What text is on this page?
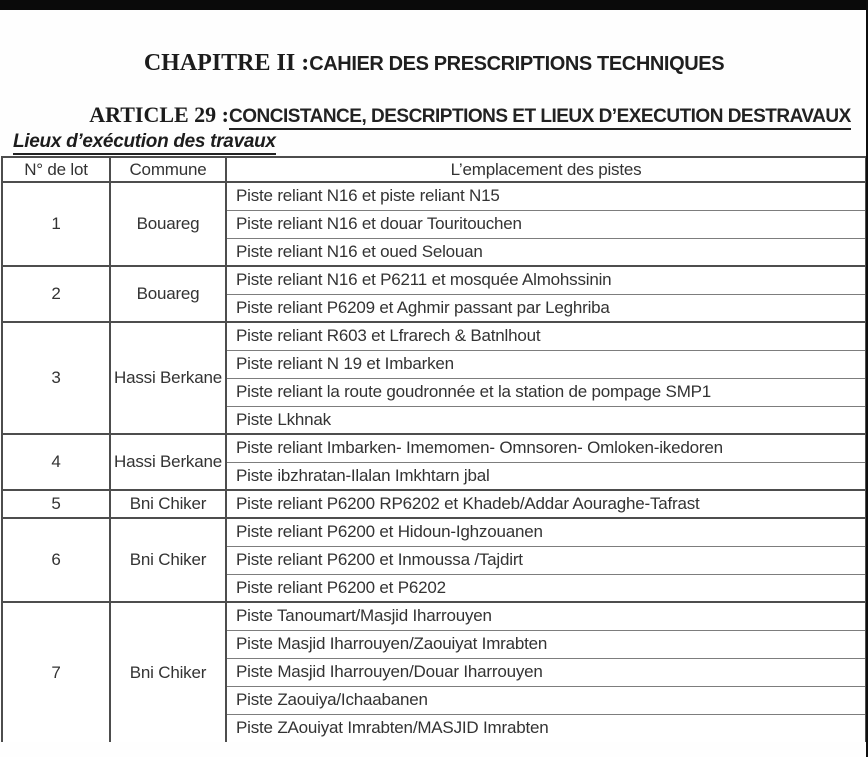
CHAPITRE II :CAHIER DES PRESCRIPTIONS TECHNIQUES
ARTICLE 29 :CONCISTANCE, DESCRIPTIONS ET LIEUX D’EXECUTION DESTRAVAUX
Lieux d’exécution des travaux
N° de lot	Commune	L’emplacement des pistes
1	Bouareg	Piste reliant N16 et piste reliant N15
		Piste reliant N16 et douar Touritouchen
		Piste reliant N16 et oued Selouan
2	Bouareg	Piste reliant N16 et P6211 et mosquée Almohssinin
		Piste reliant P6209 et Aghmir passant par Leghriba
3	Hassi Berkane	Piste reliant R603 et Lfrarech & Batnlhout
		Piste reliant N 19 et Imbarken
		Piste reliant la route goudronnée et la station de pompage SMP1
		Piste Lkhnak
4	Hassi Berkane	Piste reliant Imbarken- Imemomen- Omnsoren- Omloken-ikedoren
		Piste ibzhratan-Ilalan Imkhtarn jbal
5	Bni Chiker	Piste reliant P6200 RP6202 et Khadeb/Addar Aouraghe-Tafrast
6	Bni Chiker	Piste reliant P6200 et Hidoun-Ighzouanen
		Piste reliant P6200 et Inmoussa /Tajdirt
		Piste reliant P6200 et P6202
7	Bni Chiker	Piste Tanoumart/Masjid Iharrouyen
		Piste Masjid Iharrouyen/Zaouiyat Imrabten
		Piste Masjid Iharrouyen/Douar Iharrouyen
		Piste Zaouiya/Ichaabanen
		Piste ZAouiyat Imrabten/MASJID Imrabten
